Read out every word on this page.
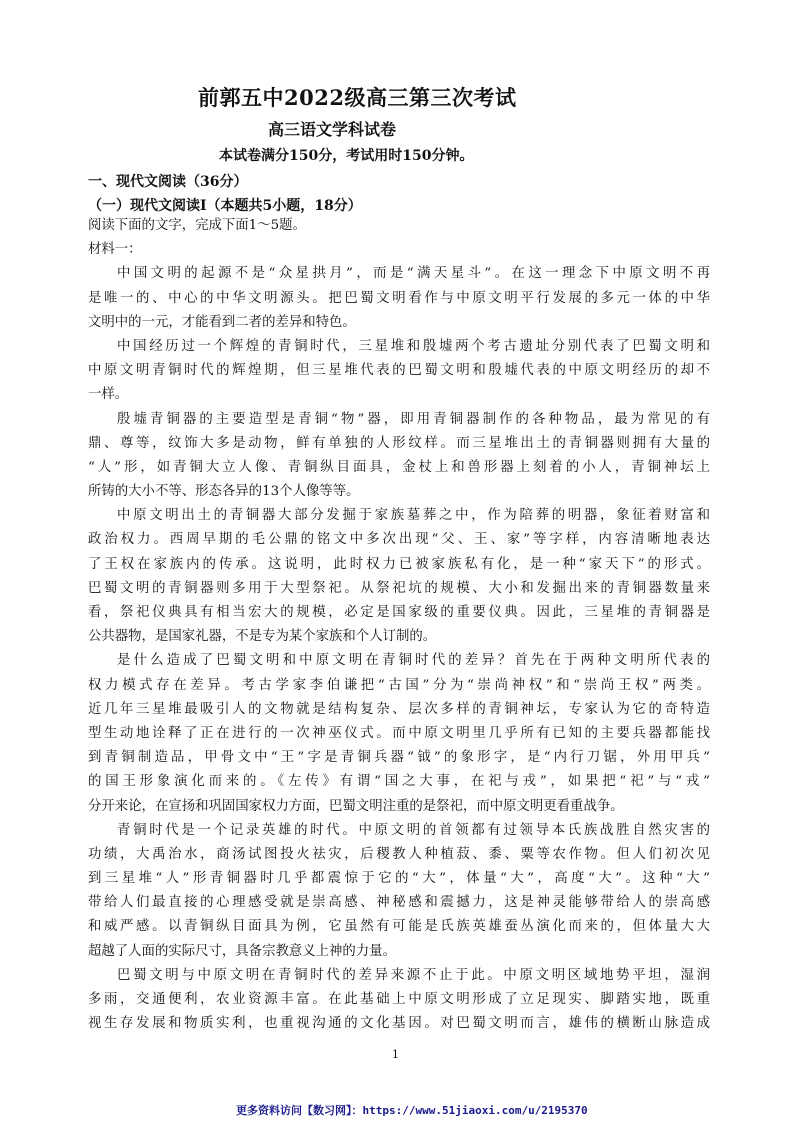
前郭五中2022级高三第三次考试
高三语文学科试卷
本试卷满分150分，考试用时150分钟。
一、现代文阅读（36分）
（一）现代文阅读Ⅰ（本题共5小题，18分）
阅读下面的文字，完成下面1～5题。
材料一：
中国文明的起源不是“众星拱月”，而是“满天星斗”。在这一理念下中原文明不再
是唯一的、中心的中华文明源头。把巴蜀文明看作与中原文明平行发展的多元一体的中华
文明中的一元，才能看到二者的差异和特色。
中国经历过一个辉煌的青铜时代，三星堆和殷墟两个考古遗址分别代表了巴蜀文明和
中原文明青铜时代的辉煌期，但三星堆代表的巴蜀文明和殷墟代表的中原文明经历的却不
一样。
殷墟青铜器的主要造型是青铜“物”器，即用青铜器制作的各种物品，最为常见的有
鼎、尊等，纹饰大多是动物，鲜有单独的人形纹样。而三星堆出土的青铜器则拥有大量的
“人”形，如青铜大立人像、青铜纵目面具，金杖上和兽形器上刻着的小人，青铜神坛上
所铸的大小不等、形态各异的13个人像等等。
中原文明出土的青铜器大部分发掘于家族墓葬之中，作为陪葬的明器，象征着财富和
政治权力。西周早期的毛公鼎的铭文中多次出现“父、王、家”等字样，内容清晰地表达
了王权在家族内的传承。这说明，此时权力已被家族私有化，是一种“家天下”的形式。
巴蜀文明的青铜器则多用于大型祭祀。从祭祀坑的规模、大小和发掘出来的青铜器数量来
看，祭祀仪典具有相当宏大的规模，必定是国家级的重要仪典。因此，三星堆的青铜器是
公共器物，是国家礼器，不是专为某个家族和个人订制的。
是什么造成了巴蜀文明和中原文明在青铜时代的差异？首先在于两种文明所代表的
权力模式存在差异。考古学家李伯谦把“古国”分为“崇尚神权”和“崇尚王权”两类。
近几年三星堆最吸引人的文物就是结构复杂、层次多样的青铜神坛，专家认为它的奇特造
型生动地诠释了正在进行的一次神巫仪式。而中原文明里几乎所有已知的主要兵器都能找
到青铜制造品，甲骨文中“王”字是青铜兵器“钺”的象形字，是“内行刀锯，外用甲兵”
的国王形象演化而来的。《左传》有谓“国之大事，在祀与戎”，如果把“祀”与“戎”
分开来论，在宣扬和巩固国家权力方面，巴蜀文明注重的是祭祀，而中原文明更看重战争。
青铜时代是一个记录英雄的时代。中原文明的首领都有过领导本氏族战胜自然灾害的
功绩，大禹治水，商汤试图投火祛灾，后稷教人种植菽、黍、粟等农作物。但人们初次见
到三星堆“人”形青铜器时几乎都震惊于它的“大”，体量“大”，高度“大”。这种“大”
带给人们最直接的心理感受就是崇高感、神秘感和震撼力，这是神灵能够带给人的崇高感
和威严感。以青铜纵目面具为例，它虽然有可能是氏族英雄蚕丛演化而来的，但体量大大
超越了人面的实际尺寸，具备宗教意义上神的力量。
巴蜀文明与中原文明在青铜时代的差异来源不止于此。中原文明区域地势平坦，湿润
多雨，交通便利，农业资源丰富。在此基础上中原文明形成了立足现实、脚踏实地，既重
视生存发展和物质实利，也重视沟通的文化基因。对巴蜀文明而言，雄伟的横断山脉造成
1
更多资料访问【数习网】：https://www.51jiaoxi.com/u/2195370
